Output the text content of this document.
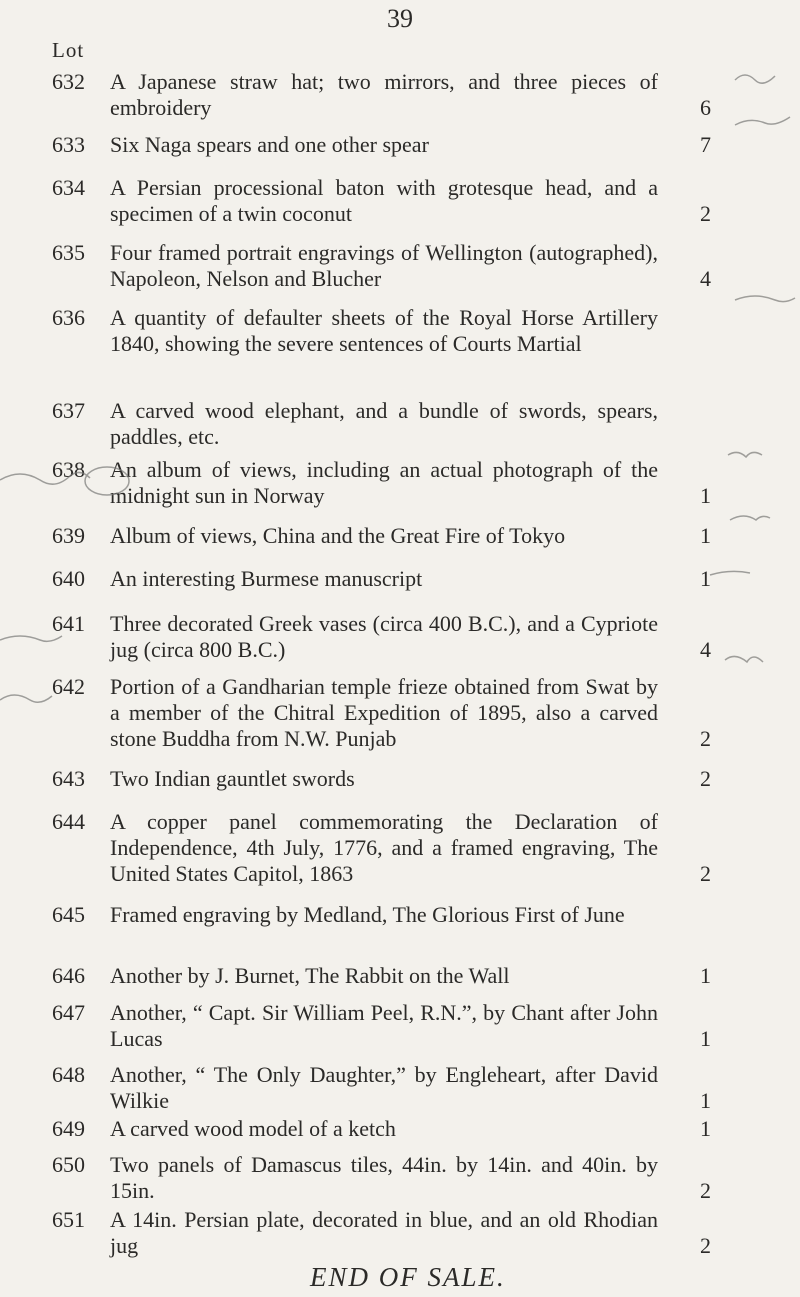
39
Lot
632 A Japanese straw hat; two mirrors, and three pieces of embroidery	6
633 Six Naga spears and one other spear	7
634 A Persian processional baton with grotesque head, and a specimen of a twin coconut	2
635 Four framed portrait engravings of Wellington (autographed), Napoleon, Nelson and Blucher	4
636 A quantity of defaulter sheets of the Royal Horse Artillery 1840, showing the severe sentences of Courts Martial
637 A carved wood elephant, and a bundle of swords, spears, paddles, etc.
638 An album of views, including an actual photograph of the midnight sun in Norway	1
639 Album of views, China and the Great Fire of Tokyo	1
640 An interesting Burmese manuscript	1
641 Three decorated Greek vases (circa 400 B.C.), and a Cypriote jug (circa 800 B.C.)	4
642 Portion of a Gandharian temple frieze obtained from Swat by a member of the Chitral Expedition of 1895, also a carved stone Buddha from N.W. Punjab	2
643 Two Indian gauntlet swords	2
644 A copper panel commemorating the Declaration of Independence, 4th July, 1776, and a framed engraving, The United States Capitol, 1863	2
645 Framed engraving by Medland, The Glorious First of June
646 Another by J. Burnet, The Rabbit on the Wall	1
647 Another, “ Capt. Sir William Peel, R.N.”, by Chant after John Lucas	1
648 Another, “ The Only Daughter,” by Engleheart, after David Wilkie	1
649 A carved wood model of a ketch	1
650 Two panels of Damascus tiles, 44in. by 14in. and 40in. by 15in.	2
651 A 14in. Persian plate, decorated in blue, and an old Rhodian jug	2
END OF SALE.
